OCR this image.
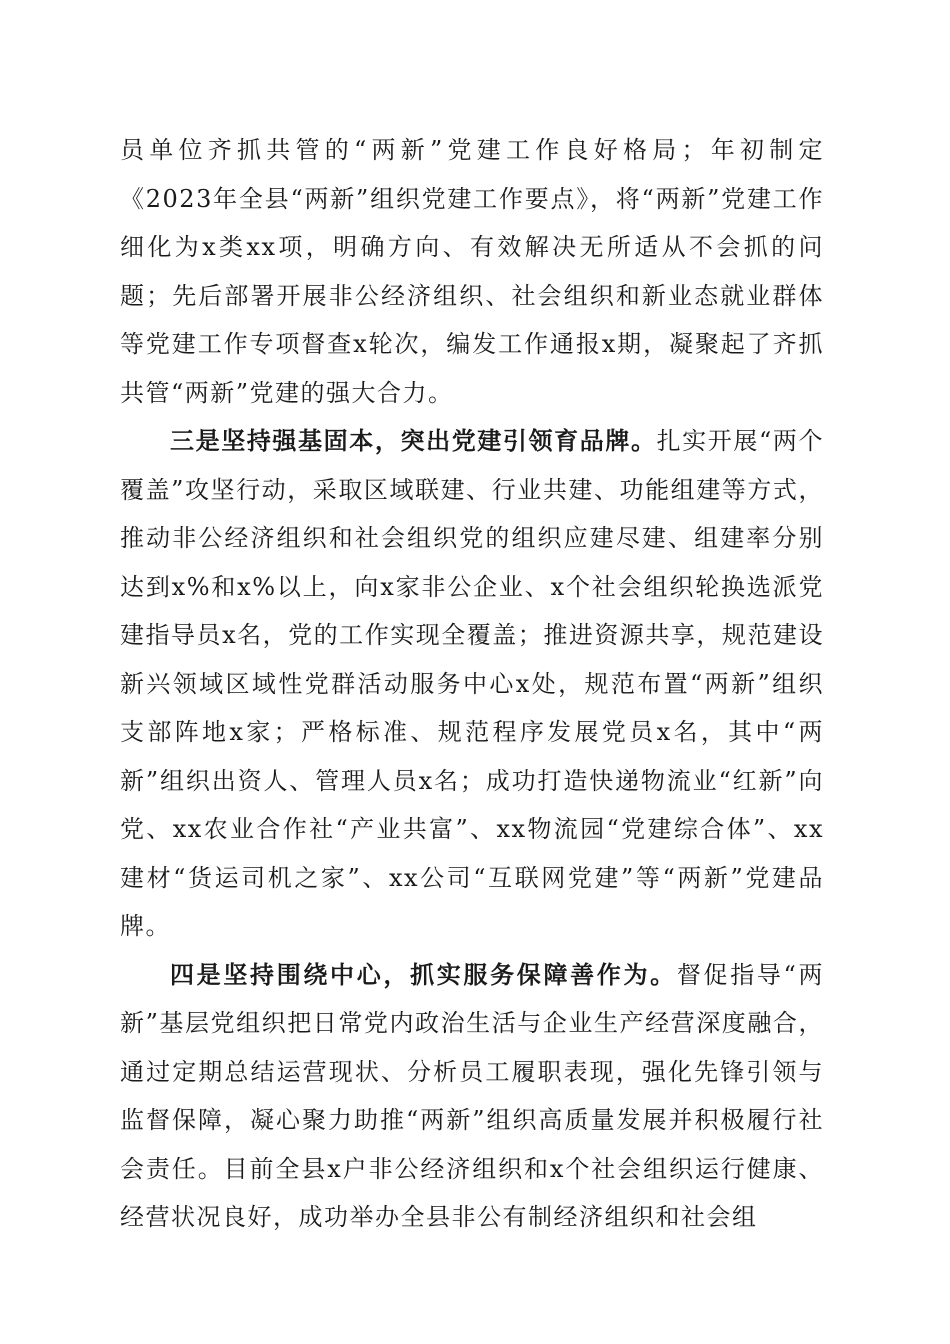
员单位齐抓共管的“两新”党建工作良好格局；年初制定《2023年全县“两新”组织党建工作要点》，将“两新”党建工作细化为x类xx项，明确方向、有效解决无所适从不会抓的问题；先后部署开展非公经济组织、社会组织和新业态就业群体等党建工作专项督查x轮次，编发工作通报x期，凝聚起了齐抓共管“两新”党建的强大合力。

三是坚持强基固本，突出党建引领育品牌。扎实开展“两个覆盖”攻坚行动，采取区域联建、行业共建、功能组建等方式，推动非公经济组织和社会组织党的组织应建尽建、组建率分别达到x%和x%以上，向x家非公企业、x个社会组织轮换选派党建指导员x名，党的工作实现全覆盖；推进资源共享，规范建设新兴领域区域性党群活动服务中心x处，规范布置“两新”组织支部阵地x家；严格标准、规范程序发展党员x名，其中“两新”组织出资人、管理人员x名；成功打造快递物流业“红新”向党、xx农业合作社“产业共富”、xx物流园“党建综合体”、xx建材“货运司机之家”、xx公司“互联网党建”等“两新”党建品牌。

四是坚持围绕中心，抓实服务保障善作为。督促指导“两新”基层党组织把日常党内政治生活与企业生产经营深度融合，通过定期总结运营现状、分析员工履职表现，强化先锋引领与监督保障，凝心聚力助推“两新”组织高质量发展并积极履行社会责任。目前全县x户非公经济组织和x个社会组织运行健康、经营状况良好，成功举办全县非公有制经济组织和社会组
